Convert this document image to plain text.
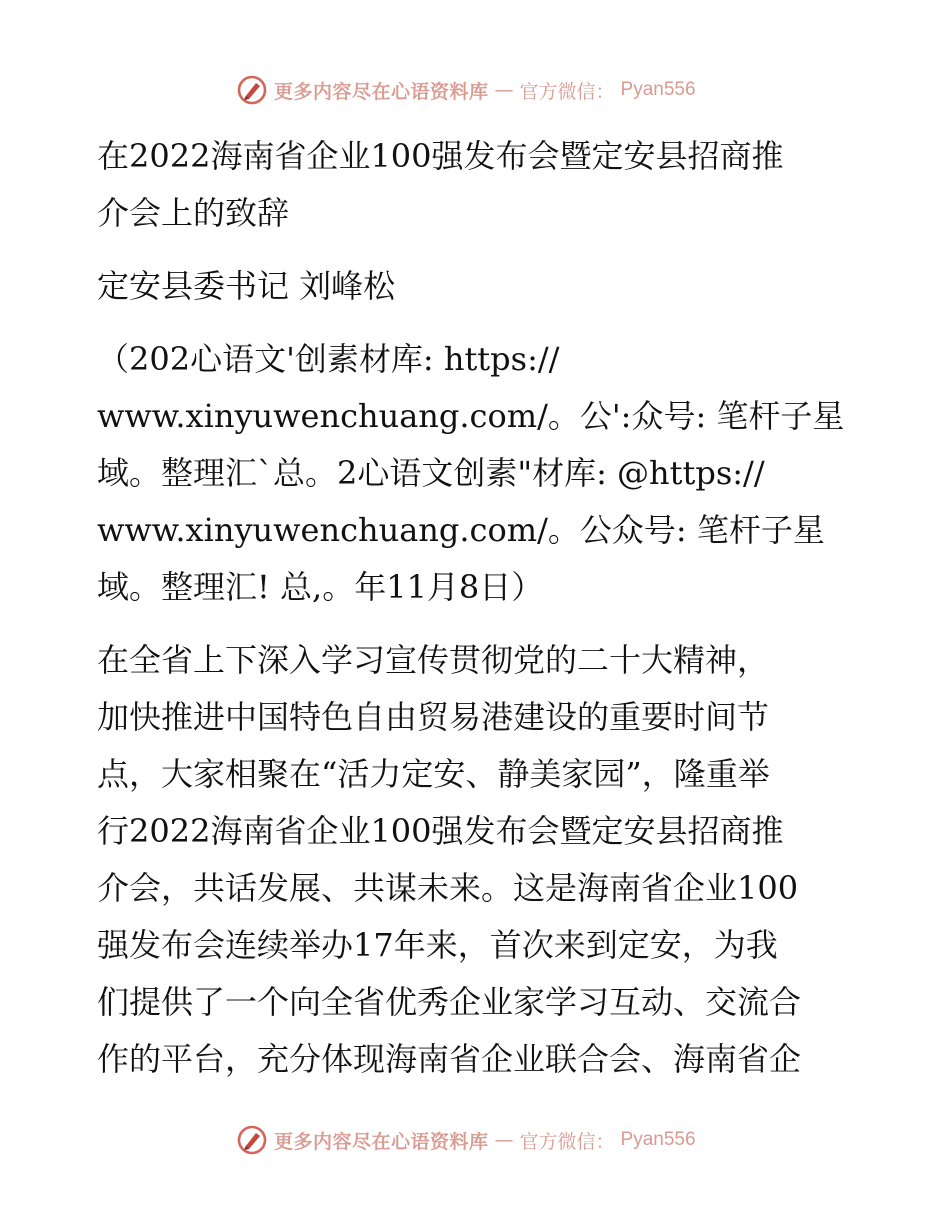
更多内容尽在心语资料库 — 官方微信： Pyan556
在2022海南省企业100强发布会暨定安县招商推
介会上的致辞
定安县委书记 刘峰松
（202心语文'创素材库: https://
www.xinyuwenchuang.com/。公':众号: 笔杆子星
域。整理汇`总。2心语文创素"材库: @https://
www.xinyuwenchuang.com/。公众号: 笔杆子星
域。整理汇! 总,。年11月8日）
在全省上下深入学习宣传贯彻党的二十大精神，
加快推进中国特色自由贸易港建设的重要时间节
点，大家相聚在“活力定安、静美家园”，隆重举
行2022海南省企业100强发布会暨定安县招商推
介会，共话发展、共谋未来。这是海南省企业100
强发布会连续举办17年来，首次来到定安，为我
们提供了一个向全省优秀企业家学习互动、交流合
作的平台，充分体现海南省企业联合会、海南省企
更多内容尽在心语资料库 — 官方微信： Pyan556
